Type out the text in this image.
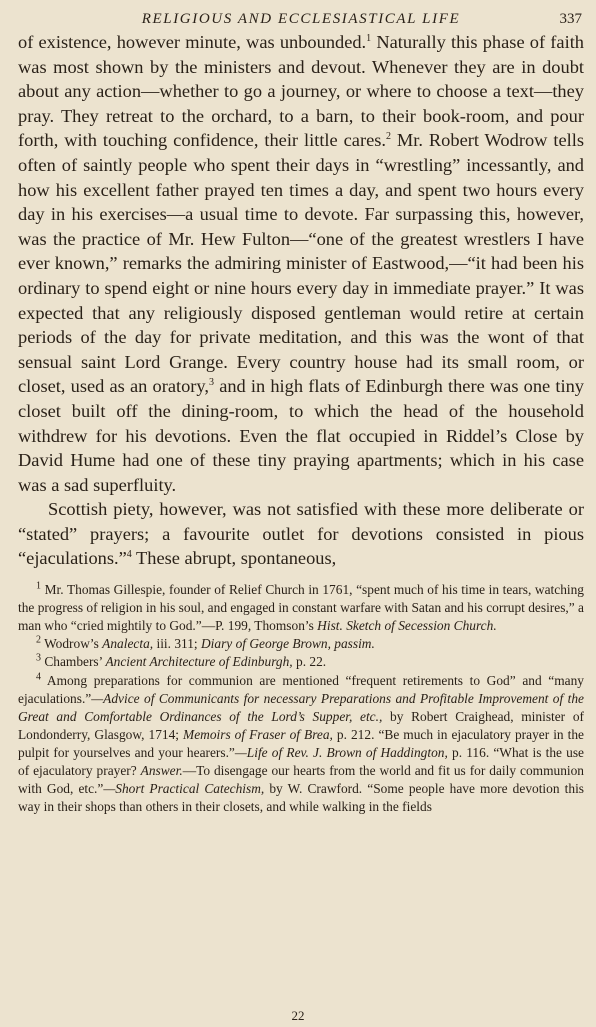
RELIGIOUS AND ECCLESIASTICAL LIFE	337

of existence, however minute, was unbounded.$^1$ Naturally this phase of faith was most shown by the ministers and devout. Whenever they are in doubt about any action—whether to go a journey, or where to choose a text—they pray. They retreat to the orchard, to a barn, to their book-room, and pour forth, with touching confidence, their little cares.$^2$ Mr. Robert Wodrow tells often of saintly people who spent their days in “wrestling” incessantly, and how his excellent father prayed ten times a day, and spent two hours every day in his exercises—a usual time to devote. Far surpassing this, however, was the practice of Mr. Hew Fulton—“one of the greatest wrestlers I have ever known,” remarks the admiring minister of Eastwood,—“it had been his ordinary to spend eight or nine hours every day in immediate prayer.” It was expected that any religiously disposed gentleman would retire at certain periods of the day for private meditation, and this was the wont of that sensual saint Lord Grange. Every country house had its small room, or closet, used as an oratory,$^3$ and in high flats of Edinburgh there was one tiny closet built off the dining-room, to which the head of the household withdrew for his devotions. Even the flat occupied in Riddel’s Close by David Hume had one of these tiny praying apartments; which in his case was a sad superfluity.

Scottish piety, however, was not satisfied with these more deliberate or “stated” prayers; a favourite outlet for devotions consisted in pious “ejaculations.”$^4$ These abrupt, spontaneous,

$^1$ Mr. Thomas Gillespie, founder of Relief Church in 1761, “spent much of his time in tears, watching the progress of religion in his soul, and engaged in constant warfare with Satan and his corrupt desires,” a man who “cried mightily to God.”—P. 199, Thomson’s Hist. Sketch of Secession Church.

$^2$ Wodrow’s Analecta, iii. 311; Diary of George Brown, passim.

$^3$ Chambers’ Ancient Architecture of Edinburgh, p. 22.

$^4$ Among preparations for communion are mentioned “frequent retirements to God” and “many ejaculations.”—Advice of Communicants for necessary Preparations and Profitable Improvement of the Great and Comfortable Ordinances of the Lord’s Supper, etc., by Robert Craighead, minister of Londonderry, Glasgow, 1714; Memoirs of Fraser of Brea, p. 212. “Be much in ejaculatory prayer in the pulpit for yourselves and your hearers.”—Life of Rev. J. Brown of Haddington, p. 116. “What is the use of ejaculatory prayer? Answer.—To disengage our hearts from the world and fit us for daily communion with God, etc.”—Short Practical Catechism, by W. Crawford. “Some people have more devotion this way in their shops than others in their closets, and while walking in the fields

22
